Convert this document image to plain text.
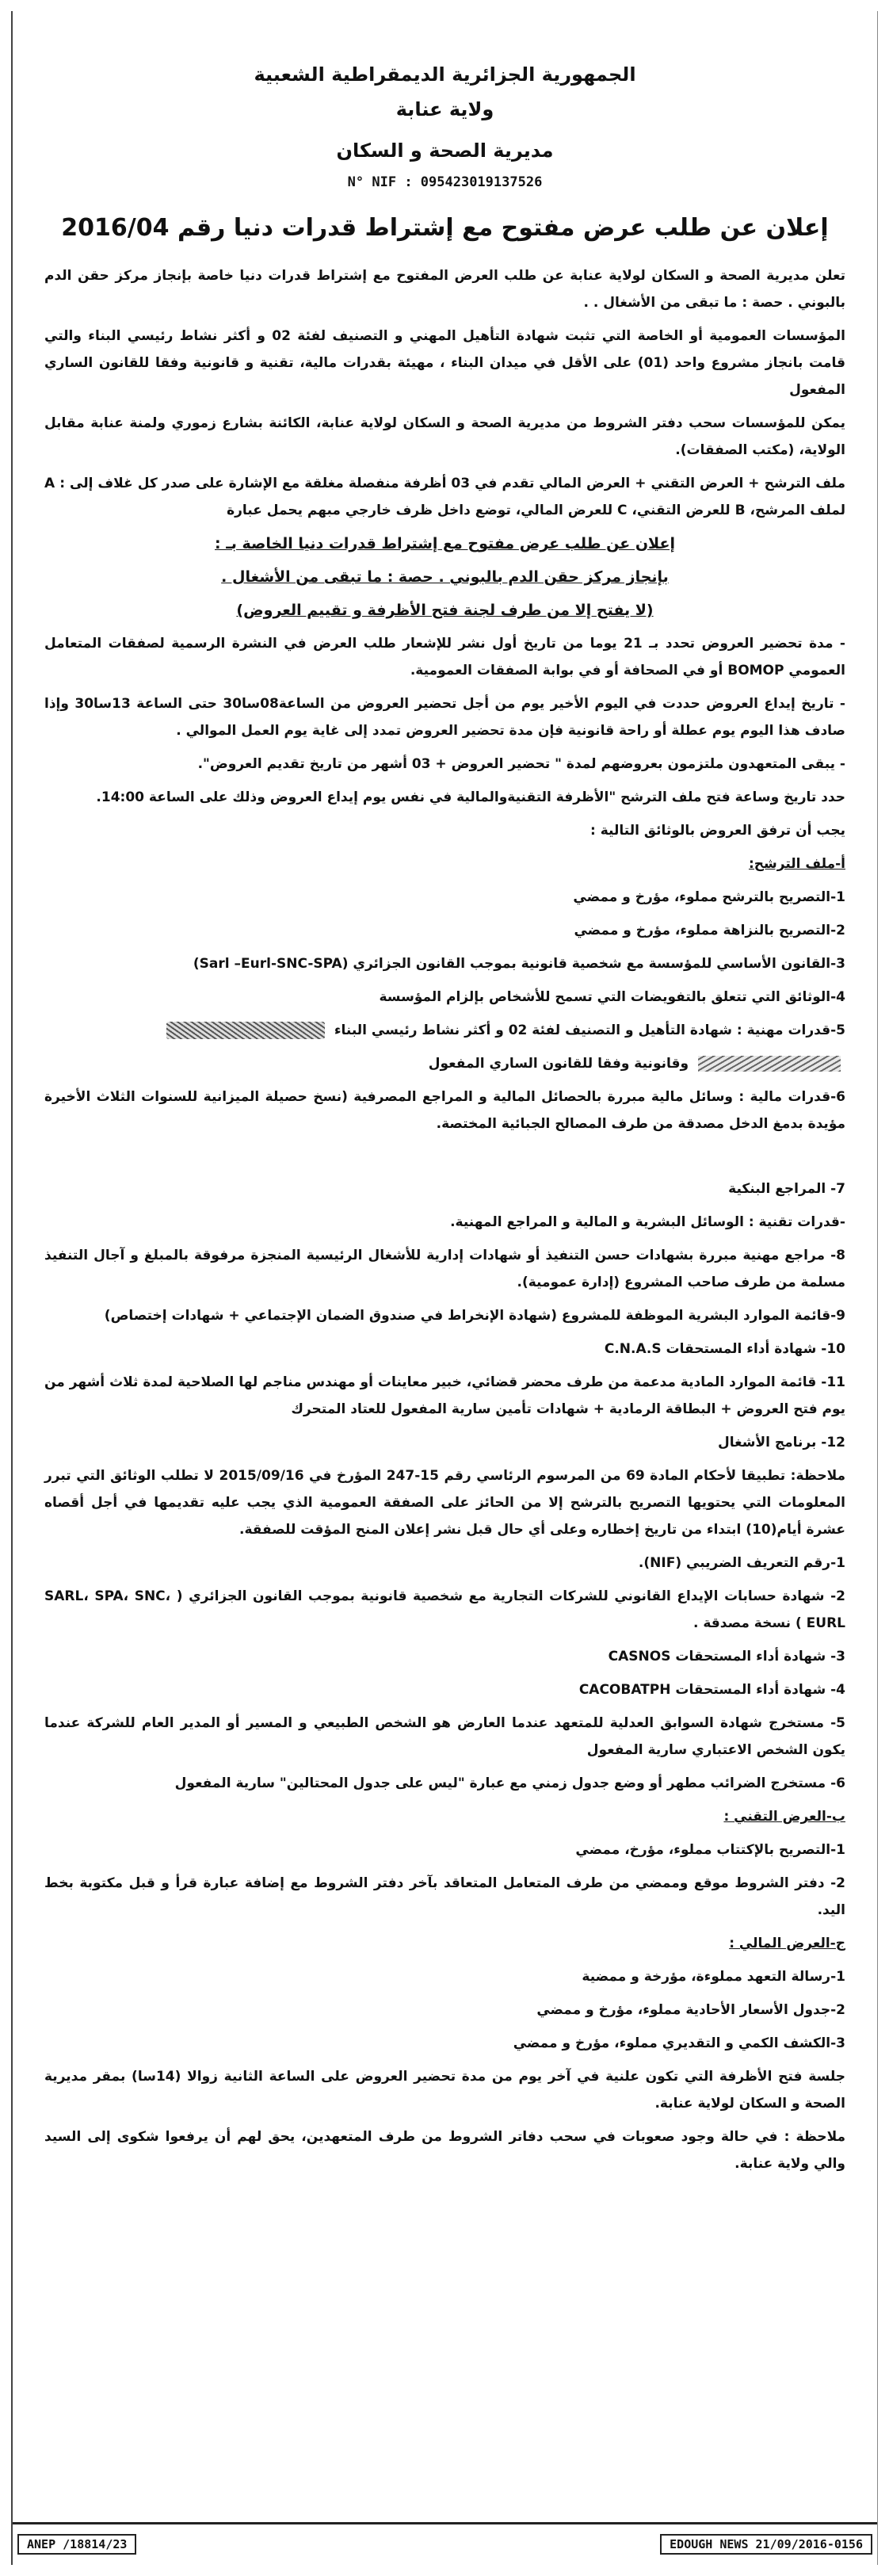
الجمهورية الجزائرية الديمقراطية الشعبية
ولاية عنابة
مديرية الصحة و السكان
N° NIF : 095423019137526
إعلان عن طلب عرض مفتوح مع إشتراط قدرات دنيا رقم 2016/04

تعلن مديرية الصحة و السكان لولاية عنابة عن طلب العرض المفتوح مع إشتراط قدرات دنيا خاصة بإنجاز مركز حقن الدم بالبوني . حصة : ما تبقى من الأشغال . .

المؤسسات العمومية أو الخاصة التي تثبت شهادة التأهيل المهني و التصنيف لفئة 02 و أكثر نشاط رئيسي البناء والتي قامت بانجاز مشروع واحد (01) على الأقل في ميدان البناء ، مهيئة بقدرات مالية، تقنية و قانونية وفقا للقانون الساري المفعول

يمكن للمؤسسات سحب دفتر الشروط من مديرية الصحة و السكان لولاية عنابة، الكائنة بشارع زموري ولمنة عنابة مقابل الولاية، (مكتب الصفقات).

ملف الترشح + العرض التقني + العرض المالي تقدم في 03 أظرفة منفصلة مغلقة مع الإشارة على صدر كل غلاف إلى : A لملف المرشح، B للعرض التقني، C للعرض المالي، توضع داخل ظرف خارجي مبهم يحمل عبارة

إعلان عن طلب عرض مفتوح مع إشتراط قدرات دنيا الخاصة بـ :

بإنجاز مركز حقن الدم بالبوني . حصة : ما تبقى من الأشغال .

(لا يفتح إلا من طرف لجنة فتح الأظرفة و تقييم العروض)

- مدة تحضير العروض تحدد بـ 21 يوما من تاريخ أول نشر للإشعار طلب العرض في النشرة الرسمية لصفقات المتعامل العمومي BOMOP أو في الصحافة أو في بوابة الصفقات العمومية.

- تاريخ إيداع العروض حددت في اليوم الأخير يوم من أجل تحضير العروض من الساعة08سا30 حتى الساعة 13سا30 وإذا صادف هذا اليوم يوم عطلة أو راحة قانونية فإن مدة تحضير العروض تمدد إلى غاية يوم العمل الموالي .

- يبقى المتعهدون ملتزمون بعروضهم لمدة " تحضير العروض + 03 أشهر من تاريخ تقديم العروض".

حدد تاريخ وساعة فتح ملف الترشح "الأظرفة التقنيةوالمالية في نفس يوم إيداع العروض وذلك على الساعة 14:00.

يجب أن ترفق العروض بالوثائق التالية :

أ-ملف الترشح:

1-التصريح بالترشح مملوء، مؤرخ و ممضي

2-التصريح بالنزاهة مملوء، مؤرخ و ممضي

3-القانون الأساسي للمؤسسة مع شخصية قانونية بموجب القانون الجزائري (Sarl –Eurl-SNC-SPA)

4-الوثائق التي تتعلق بالتفويضات التي تسمح للأشخاص بإلزام المؤسسة

5-قدرات مهنية : شهادة التأهيل و التصنيف لفئة 02 و أكثر نشاط رئيسي البناء

وقانونية وفقا للقانون الساري المفعول

6-قدرات مالية : وسائل مالية مبررة بالحصائل المالية و المراجع المصرفية (نسخ حصيلة الميزانية للسنوات الثلاث الأخيرة مؤيدة بدمغ الدخل مصدقة من طرف المصالح الجبائية المختصة.

7- المراجع البنكية

-قدرات تقنية : الوسائل البشرية و المالية و المراجع المهنية.

8- مراجع مهنية مبررة بشهادات حسن التنفيذ أو شهادات إدارية للأشغال الرئيسية المنجزة مرفوقة بالمبلغ و آجال التنفيذ مسلمة من طرف صاحب المشروع (إدارة عمومية).

9-قائمة الموارد البشرية الموظفة للمشروع (شهادة الإنخراط في صندوق الضمان الإجتماعي + شهادات إختصاص)

10- شهادة أداء المستحقات C.N.A.S

11- قائمة الموارد المادية مدعمة من طرف محضر قضائي، خبير معاينات أو مهندس مناجم لها الصلاحية لمدة ثلاث أشهر من يوم فتح العروض + البطاقة الرمادية + شهادات تأمين سارية المفعول للعتاد المتحرك

12- برنامج الأشغال

ملاحظة: تطبيقا لأحكام المادة 69 من المرسوم الرئاسي رقم 15-247 المؤرخ في 2015/09/16 لا تطلب الوثائق التي تبرر المعلومات التي يحتويها التصريح بالترشح إلا من الحائز على الصفقة العمومية الذي يجب عليه تقديمها في أجل أقصاه عشرة أيام(10) ابتداء من تاريخ إخطاره وعلى أي حال قبل نشر إعلان المنح المؤقت للصفقة.

1-رقم التعريف الضريبي (NIF).

2- شهادة حسابات الإيداع القانوني للشركات التجارية مع شخصية قانونية بموجب القانون الجزائري ( SARL، SPA، SNC، EURL ) نسخة مصدقة .

3- شهادة أداء المستحقات CASNOS

4- شهادة أداء المستحقات CACOBATPH

5- مستخرج شهادة السوابق العدلية للمتعهد عندما العارض هو الشخص الطبيعي و المسير أو المدير العام للشركة عندما يكون الشخص الاعتباري سارية المفعول

6- مستخرج الضرائب مطهر أو وضع جدول زمني مع عبارة "ليس على جدول المحتالين" سارية المفعول

ب-العرض التقني :

1-التصريح بالإكتتاب مملوء، مؤرخ، ممضي

2- دفتر الشروط موقع وممضي من طرف المتعامل المتعاقد بآخر دفتر الشروط مع إضافة عبارة قرأ و قبل مكتوبة بخط اليد.

ج-العرض المالي :

1-رسالة التعهد مملوءة، مؤرخة و ممضية

2-جدول الأسعار الأحادية مملوء، مؤرخ و ممضي

3-الكشف الكمي و التقديري مملوء، مؤرخ و ممضي

جلسة فتح الأظرفة التي تكون علنية في آخر يوم من مدة تحضير العروض على الساعة الثانية زوالا (14سا) بمقر مديرية الصحة و السكان لولاية عنابة.

ملاحظة : في حالة وجود صعوبات في سحب دفاتر الشروط من طرف المتعهدين، يحق لهم أن يرفعوا شكوى إلى السيد والي ولاية عنابة.

ANEP /18814/23	EDOUGH NEWS 21/09/2016-0156
